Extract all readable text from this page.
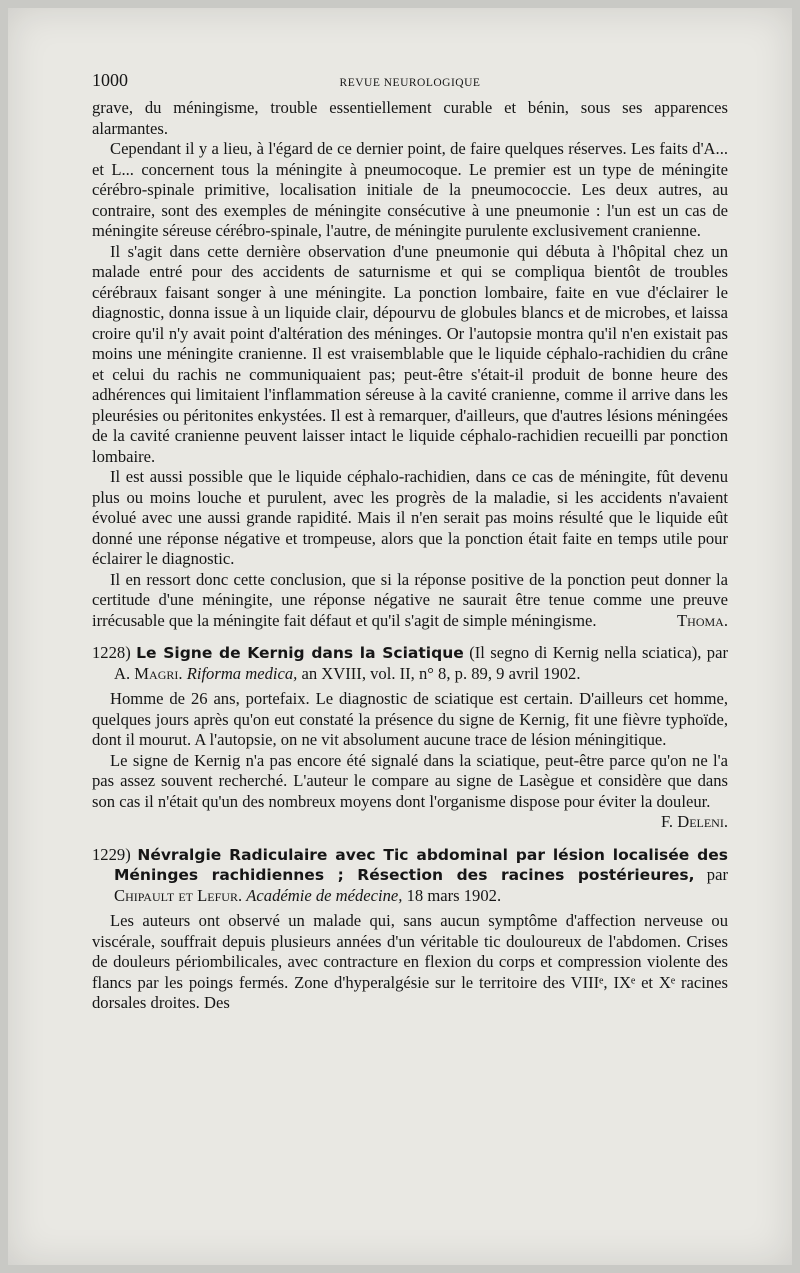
1000	REVUE NEUROLOGIQUE

grave, du méningisme, trouble essentiellement curable et bénin, sous ses apparences alarmantes.

Cependant il y a lieu, à l'égard de ce dernier point, de faire quelques réserves. Les faits d'A... et L... concernent tous la méningite à pneumocoque. Le premier est un type de méningite cérébro-spinale primitive, localisation initiale de la pneumococcie. Les deux autres, au contraire, sont des exemples de méningite consécutive à une pneumonie : l'un est un cas de méningite séreuse cérébro-spinale, l'autre, de méningite purulente exclusivement cranienne.

Il s'agit dans cette dernière observation d'une pneumonie qui débuta à l'hôpital chez un malade entré pour des accidents de saturnisme et qui se compliqua bientôt de troubles cérébraux faisant songer à une méningite. La ponction lombaire, faite en vue d'éclairer le diagnostic, donna issue à un liquide clair, dépourvu de globules blancs et de microbes, et laissa croire qu'il n'y avait point d'altération des méninges. Or l'autopsie montra qu'il n'en existait pas moins une méningite cranienne. Il est vraisemblable que le liquide céphalo-rachidien du crâne et celui du rachis ne communiquaient pas; peut-être s'était-il produit de bonne heure des adhérences qui limitaient l'inflammation séreuse à la cavité cranienne, comme il arrive dans les pleurésies ou péritonites enkystées. Il est à remarquer, d'ailleurs, que d'autres lésions méningées de la cavité cranienne peuvent laisser intact le liquide céphalo-rachidien recueilli par ponction lombaire.

Il est aussi possible que le liquide céphalo-rachidien, dans ce cas de méningite, fût devenu plus ou moins louche et purulent, avec les progrès de la maladie, si les accidents n'avaient évolué avec une aussi grande rapidité. Mais il n'en serait pas moins résulté que le liquide eût donné une réponse négative et trompeuse, alors que la ponction était faite en temps utile pour éclairer le diagnostic.

Il en ressort donc cette conclusion, que si la réponse positive de la ponction peut donner la certitude d'une méningite, une réponse négative ne saurait être tenue comme une preuve irrécusable que la méningite fait défaut et qu'il s'agit de simple méningisme.	Thoma.

1228) Le Signe de Kernig dans la Sciatique (Il segno di Kernig nella sciatica), par A. Magri. Riforma medica, an XVIII, vol. II, n° 8, p. 89, 9 avril 1902.

Homme de 26 ans, portefaix. Le diagnostic de sciatique est certain. D'ailleurs cet homme, quelques jours après qu'on eut constaté la présence du signe de Kernig, fit une fièvre typhoïde, dont il mourut. A l'autopsie, on ne vit absolument aucune trace de lésion méningitique.

Le signe de Kernig n'a pas encore été signalé dans la sciatique, peut-être parce qu'on ne l'a pas assez souvent recherché. L'auteur le compare au signe de Lasègue et considère que dans son cas il n'était qu'un des nombreux moyens dont l'organisme dispose pour éviter la douleur.
F. Deleni.

1229) Névralgie Radiculaire avec Tic abdominal par lésion localisée des Méninges rachidiennes ; Résection des racines postérieures, par Chipault et Lefur. Académie de médecine, 18 mars 1902.

Les auteurs ont observé un malade qui, sans aucun symptôme d'affection nerveuse ou viscérale, souffrait depuis plusieurs années d'un véritable tic douloureux de l'abdomen. Crises de douleurs périombilicales, avec contracture en flexion du corps et compression violente des flancs par les poings fermés. Zone d'hyperalgésie sur le territoire des VIIIᵉ, IXᵉ et Xᵉ racines dorsales droites. Des
